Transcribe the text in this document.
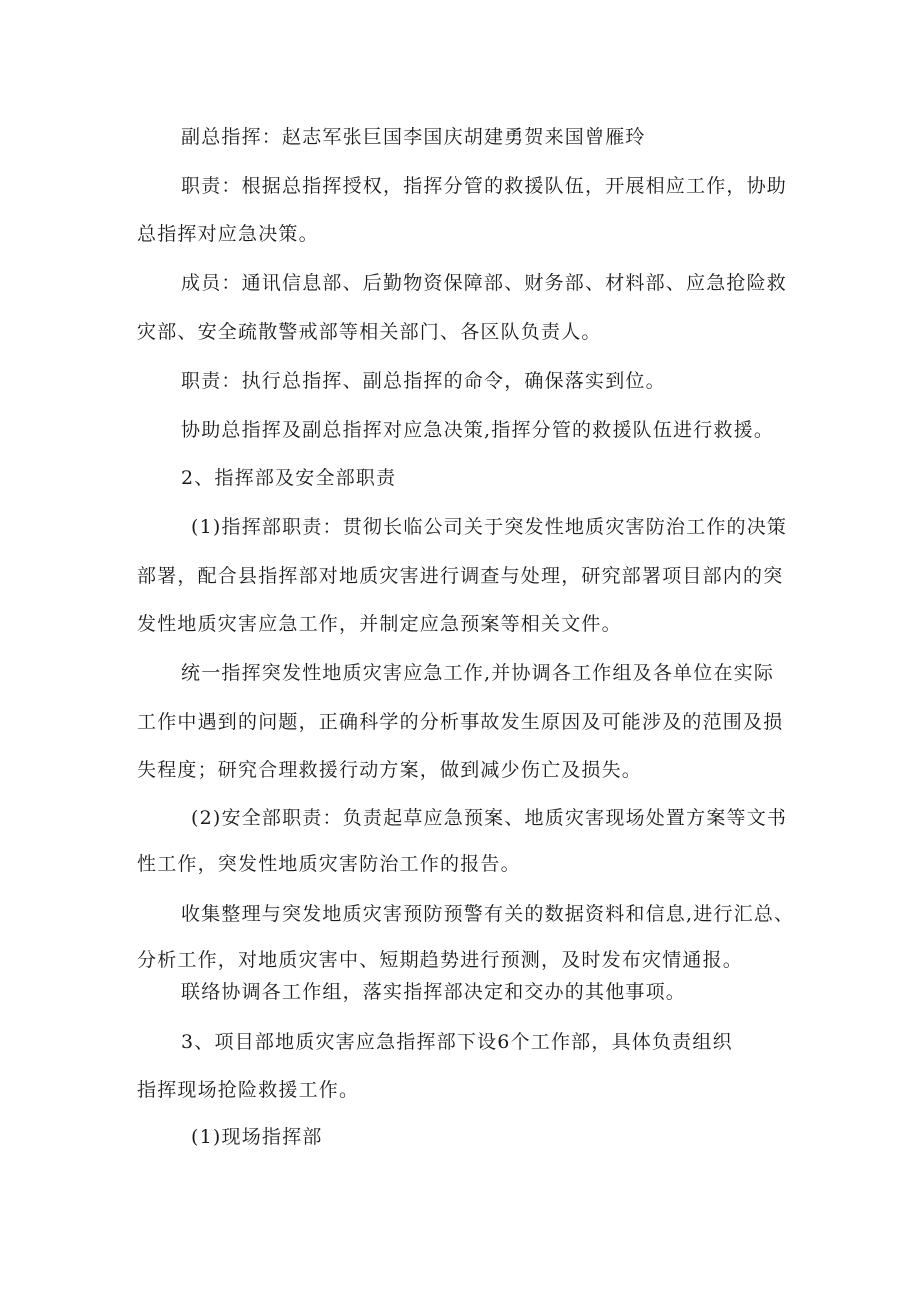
副总指挥：赵志军张巨国李国庆胡建勇贺来国曾雁玲
职责：根据总指挥授权，指挥分管的救援队伍，开展相应工作，协助
总指挥对应急决策。
成员：通讯信息部、后勤物资保障部、财务部、材料部、应急抢险救
灾部、安全疏散警戒部等相关部门、各区队负责人。
职责：执行总指挥、副总指挥的命令，确保落实到位。
协助总指挥及副总指挥对应急决策,指挥分管的救援队伍进行救援。
2、指挥部及安全部职责
(1)指挥部职责：贯彻长临公司关于突发性地质灾害防治工作的决策
部署，配合县指挥部对地质灾害进行调查与处理，研究部署项目部内的突
发性地质灾害应急工作，并制定应急预案等相关文件。
统一指挥突发性地质灾害应急工作,并协调各工作组及各单位在实际
工作中遇到的问题，正确科学的分析事故发生原因及可能涉及的范围及损
失程度；研究合理救援行动方案，做到减少伤亡及损失。
(2)安全部职责：负责起草应急预案、地质灾害现场处置方案等文书
性工作，突发性地质灾害防治工作的报告。
收集整理与突发地质灾害预防预警有关的数据资料和信息,进行汇总、
分析工作，对地质灾害中、短期趋势进行预测，及时发布灾情通报。
联络协调各工作组，落实指挥部决定和交办的其他事项。
3、项目部地质灾害应急指挥部下设6个工作部，具体负责组织
指挥现场抢险救援工作。
(1)现场指挥部
